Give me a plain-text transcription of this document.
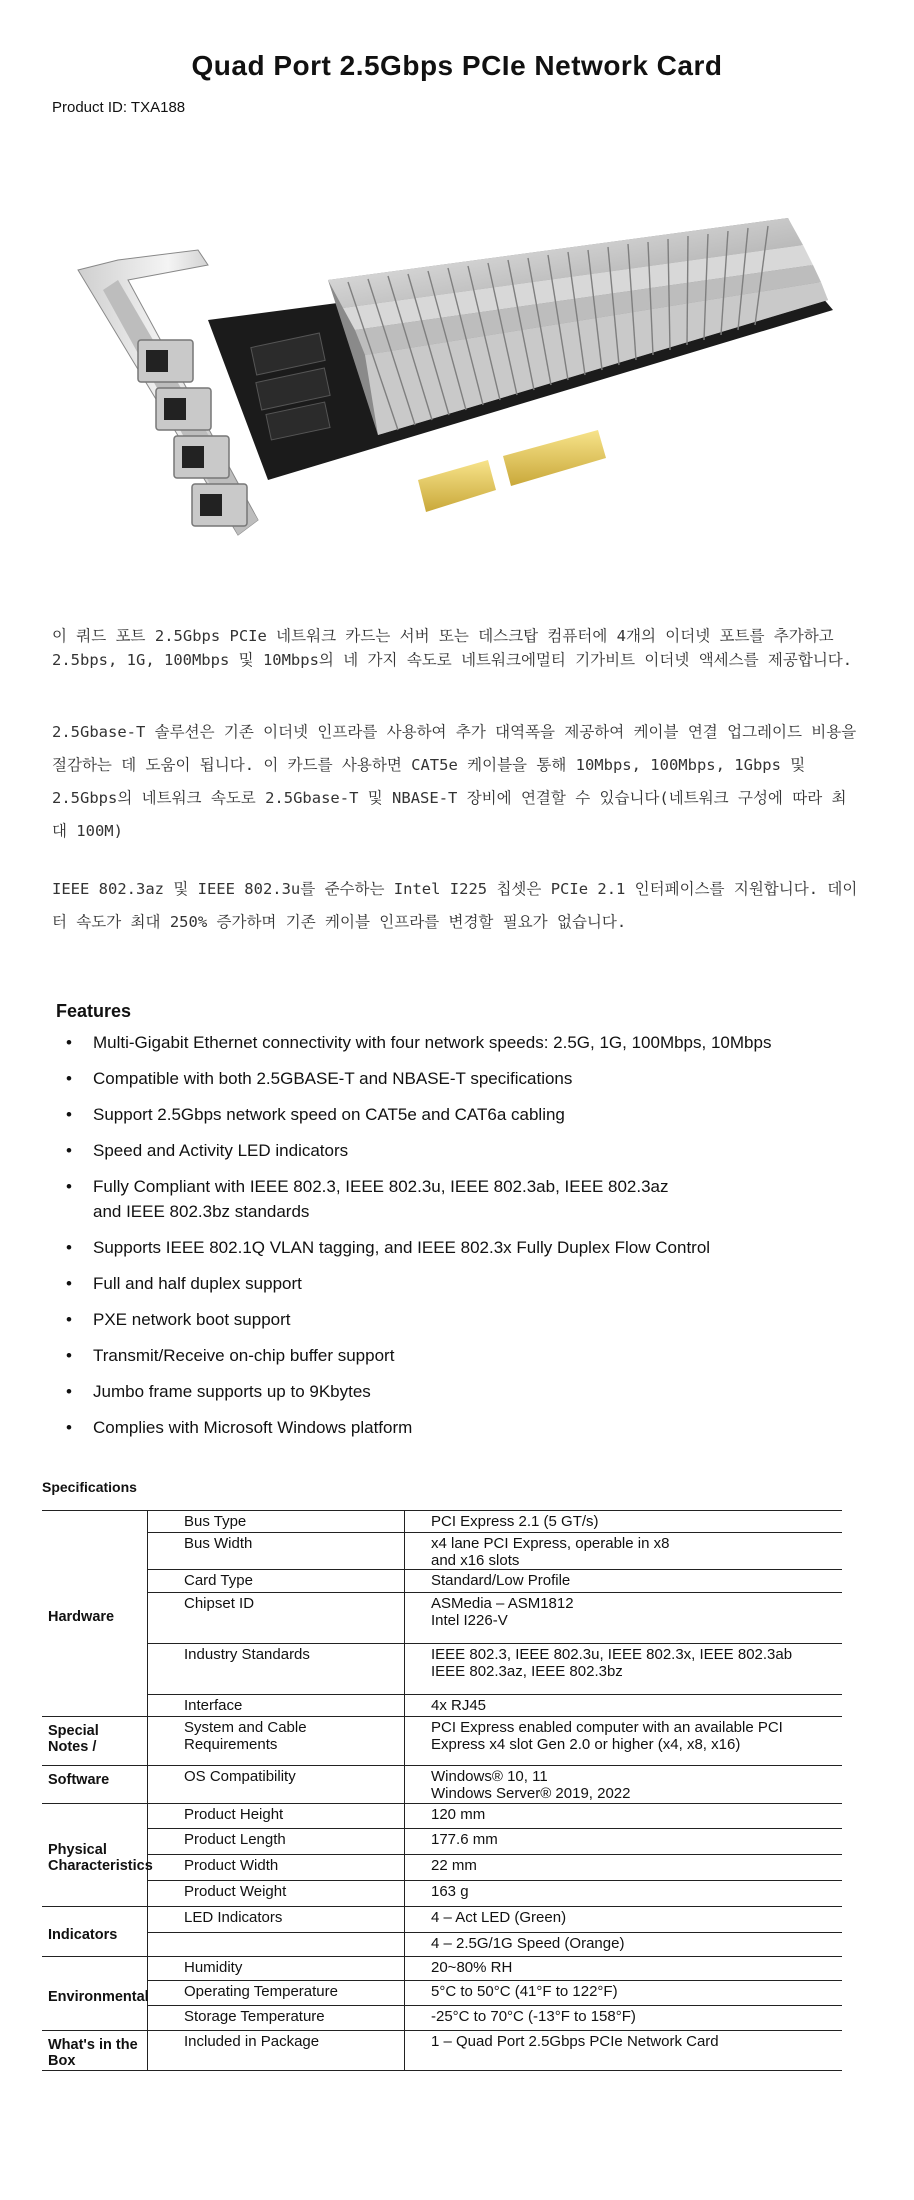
Quad Port 2.5Gbps PCIe Network Card
Product ID: TXA188

이 쿼드 포트 2.5Gbps PCIe 네트워크 카드는 서버 또는 데스크탑 컴퓨터에 4개의 이더넷 포트를 추가하고 2.5bps, 1G, 100Mbps 및 10Mbps의 네 가지 속도로 네트워크에멀티 기가비트 이더넷 액세스를 제공합니다.

2.5Gbase-T 솔루션은 기존 이더넷 인프라를 사용하여 추가 대역폭을 제공하여 케이블 연결 업그레이드 비용을 절감하는 데 도움이 됩니다. 이 카드를 사용하면 CAT5e 케이블을 통해 10Mbps, 100Mbps, 1Gbps 및 2.5Gbps의 네트워크 속도로 2.5Gbase-T 및 NBASE-T 장비에 연결할 수 있습니다(네트워크 구성에 따라 최대 100M)

IEEE 802.3az 및 IEEE 802.3u를 준수하는 Intel I225 칩셋은 PCIe 2.1 인터페이스를 지원합니다. 데이터 속도가 최대 250% 증가하며 기존 케이블 인프라를 변경할 필요가 없습니다.

Features
• Multi-Gigabit Ethernet connectivity with four network speeds: 2.5G, 1G, 100Mbps, 10Mbps
• Compatible with both 2.5GBASE-T and NBASE-T specifications
• Support 2.5Gbps network speed on CAT5e and CAT6a cabling
• Speed and Activity LED indicators
• Fully Compliant with IEEE 802.3, IEEE 802.3u, IEEE 802.3ab, IEEE 802.3az
and IEEE 802.3bz standards
• Supports IEEE 802.1Q VLAN tagging, and IEEE 802.3x Fully Duplex Flow Control
• Full and half duplex support
• PXE network boot support
• Transmit/Receive on-chip buffer support
• Jumbo frame supports up to 9Kbytes
• Complies with Microsoft Windows platform
Specifications
Hardware	Bus Type	PCI Express 2.1 (5 GT/s)

	Bus Width	x4 lane PCI Express, operable in x8
and x16 slots

	Card Type	Standard/Low Profile

	Chipset ID	ASMedia – ASM1812
Intel I226-V

	Industry Standards	IEEE 802.3, IEEE 802.3u, IEEE 802.3x, IEEE 802.3ab
IEEE 802.3az, IEEE 802.3bz

	Interface	4x RJ45

Special Notes /	System and Cable Requirements	PCI Express enabled computer with an available PCI Express x4 slot Gen 2.0 or higher (x4, x8, x16)

Software	OS Compatibility	Windows® 10, 11
Windows Server® 2019, 2022

Physical Characteristics	Product Height	120 mm

	Product Length	177.6 mm

	Product Width	22 mm

	Product Weight	163 g

Indicators	LED Indicators	4 – Act LED (Green)

		4 – 2.5G/1G Speed (Orange)

Environmental	Humidity	20~80% RH

	Operating Temperature	5°C to 50°C (41°F to 122°F)

	Storage Temperature	-25°C to 70°C (-13°F to 158°F)

What's in the Box	Included in Package	1 – Quad Port 2.5Gbps PCIe Network Card
